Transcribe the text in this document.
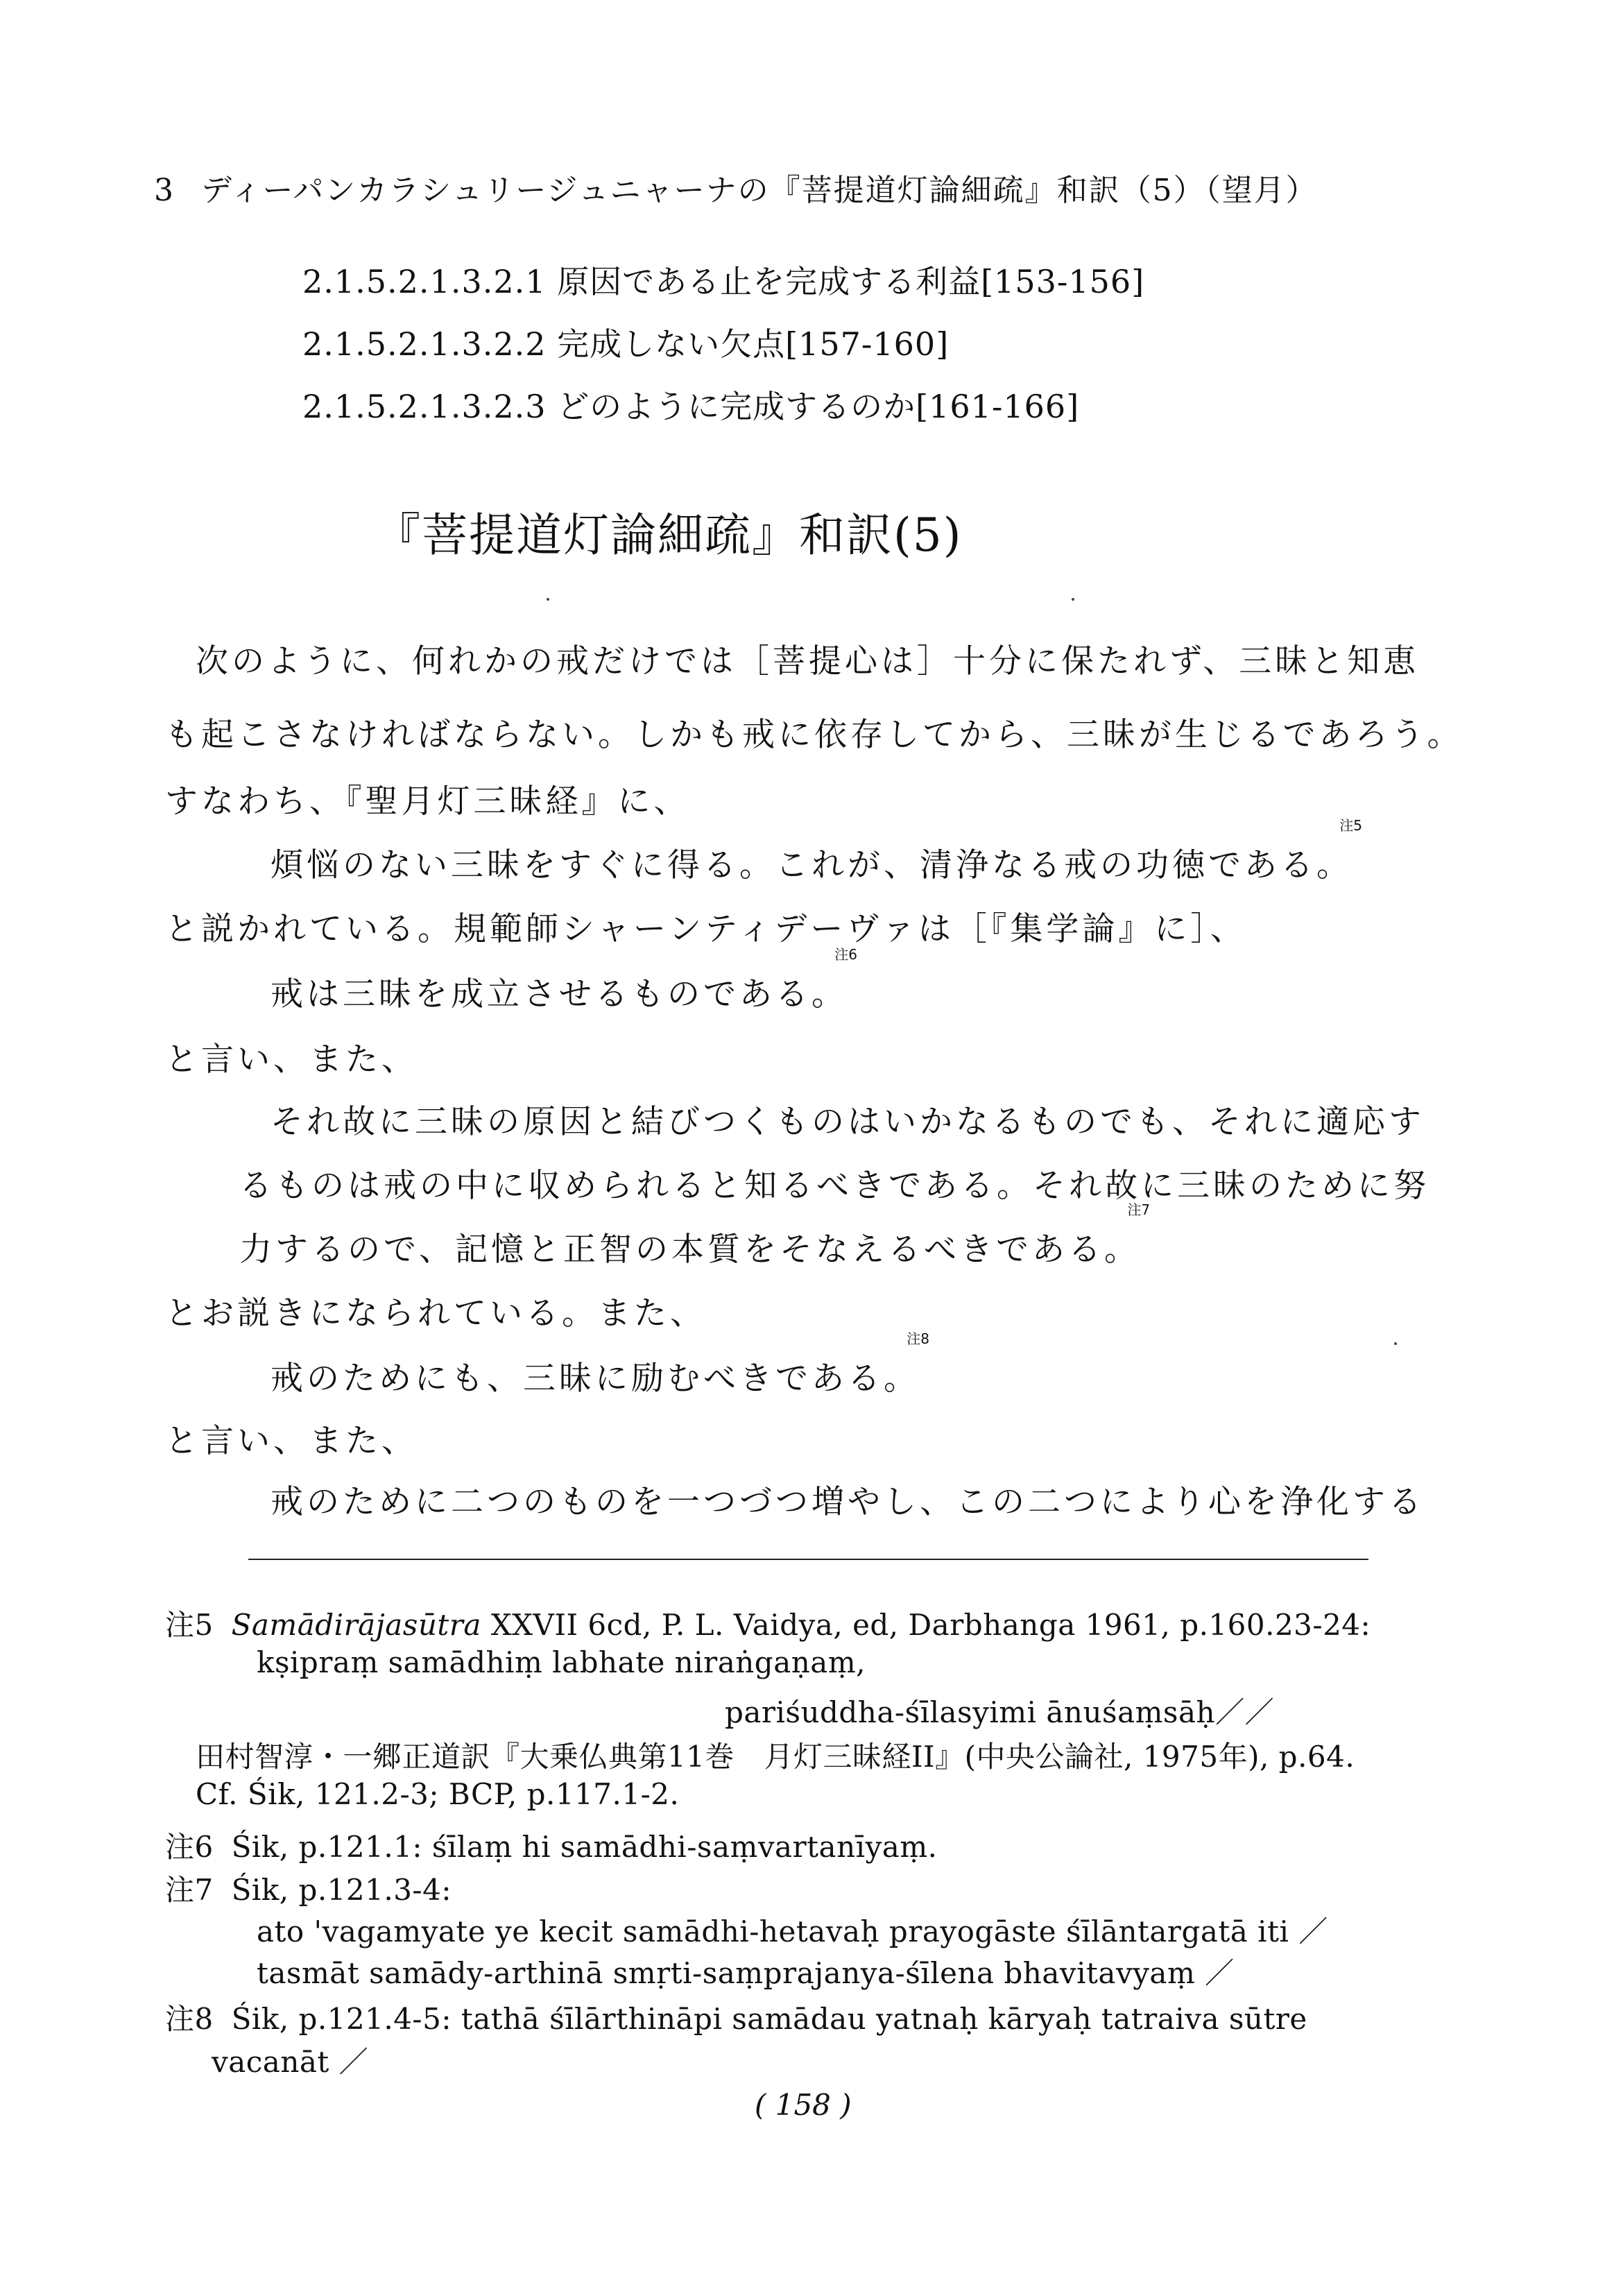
3 ディーパンカラシュリージュニャーナの『菩提道灯論細疏』和訳（5）（望月）
2.1.5.2.1.3.2.1 原因である止を完成する利益[153-156]
2.1.5.2.1.3.2.2 完成しない欠点[157-160]
2.1.5.2.1.3.2.3 どのように完成するのか[161-166]
『菩提道灯論細疏』和訳(5)
次のように、何れかの戒だけでは［菩提心は］十分に保たれず、三昧と知恵
も起こさなければならない。しかも戒に依存してから、三昧が生じるであろう。
すなわち、『聖月灯三昧経』に、
煩悩のない三昧をすぐに得る。これが、清浄なる戒の功徳である。
注5
と説かれている。規範師シャーンティデーヴァは［『集学論』に］、
戒は三昧を成立させるものである。
注6
と言い、また、
それ故に三昧の原因と結びつくものはいかなるものでも、それに適応す
るものは戒の中に収められると知るべきである。それ故に三昧のために努
力するので、記憶と正智の本質をそなえるべきである。
注7
とお説きになられている。また、
戒のためにも、三昧に励むべきである。
注8
と言い、また、
戒のために二つのものを一つづつ増やし、この二つにより心を浄化する
注5 Samādirājasūtra XXVII 6cd, P. L. Vaidya, ed, Darbhanga 1961, p.160.23-24:
kṣipraṃ samādhiṃ labhate niraṅgaṇaṃ,
pariśuddha-śīlasyimi ānuśaṃsāḥ／／
田村智淳・一郷正道訳『大乗仏典第11巻　月灯三昧経II』(中央公論社, 1975年), p.64.
Cf. Śik, 121.2-3; BCP, p.117.1-2.
注6 Śik, p.121.1: śīlaṃ hi samādhi-saṃvartanīyaṃ.
注7 Śik, p.121.3-4:
ato 'vagamyate ye kecit samādhi-hetavaḥ prayogāste śīlāntargatā iti ／
tasmāt samādy-arthinā smṛti-saṃprajanya-śīlena bhavitavyaṃ ／
注8 Śik, p.121.4-5: tathā śīlārthināpi samādau yatnaḥ kāryaḥ tatraiva sūtre
vacanāt ／
( 158 )
